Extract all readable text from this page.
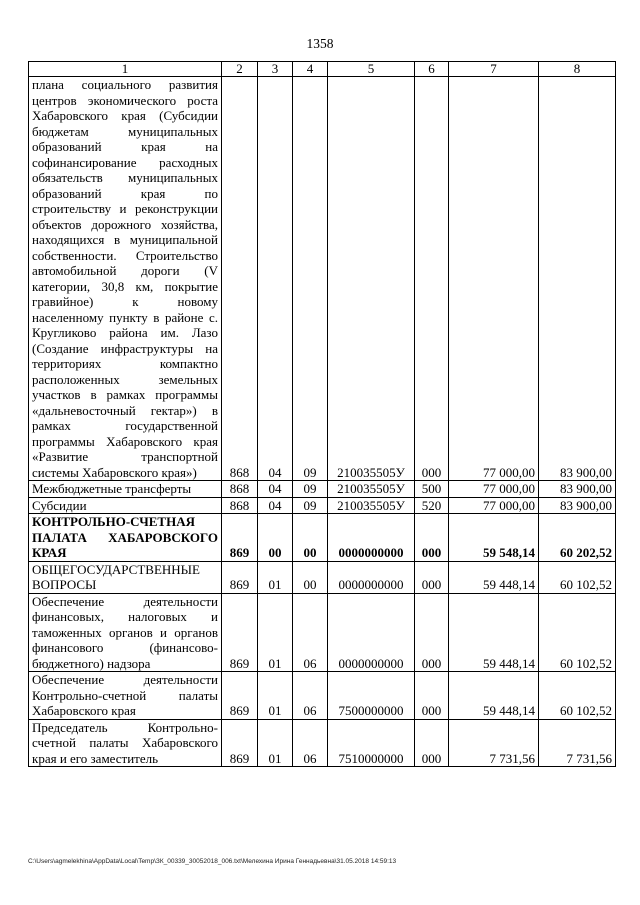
1358
1	2	3	4	5	6	7	8
плана социального развития центров экономического роста Хабаровского края (Субсидии бюджетам муниципальных образований края на софинансирование расходных обязательств муниципальных образований края по строительству и реконструкции объектов дорожного хозяйства, находящихся в муниципальной собственности. Строительство автомобильной дороги (V категории, 30,8 км, покрытие гравийное) к новому населенному пункту в районе с. Кругликово района им. Лазо (Создание инфраструктуры на территориях компактно расположенных земельных участков в рамках программы «дальневосточный гектар») в рамках государственной программы Хабаровского края «Развитие транспортной системы Хабаровского края»)	868	04	09	210035505У	000	77 000,00	83 900,00
Межбюджетные трансферты	868	04	09	210035505У	500	77 000,00	83 900,00
Субсидии	868	04	09	210035505У	520	77 000,00	83 900,00
КОНТРОЛЬНО-СЧЕТНАЯ ПАЛАТА ХАБАРОВСКОГО КРАЯ	869	00	00	0000000000	000	59 548,14	60 202,52
ОБЩЕГОСУДАРСТВЕННЫЕ ВОПРОСЫ	869	01	00	0000000000	000	59 448,14	60 102,52
Обеспечение деятельности финансовых, налоговых и таможенных органов и органов финансового (финансово-бюджетного) надзора	869	01	06	0000000000	000	59 448,14	60 102,52
Обеспечение деятельности Контрольно-счетной палаты Хабаровского края	869	01	06	7500000000	000	59 448,14	60 102,52
Председатель Контрольно-счетной палаты Хабаровского края и его заместитель	869	01	06	7510000000	000	7 731,56	7 731,56
C:\Users\agmelekhina\AppData\Local\Temp\ЗК_00339_30052018_006.txt\Мелехина Ирина Геннадьевна\31.05.2018 14:59:13
